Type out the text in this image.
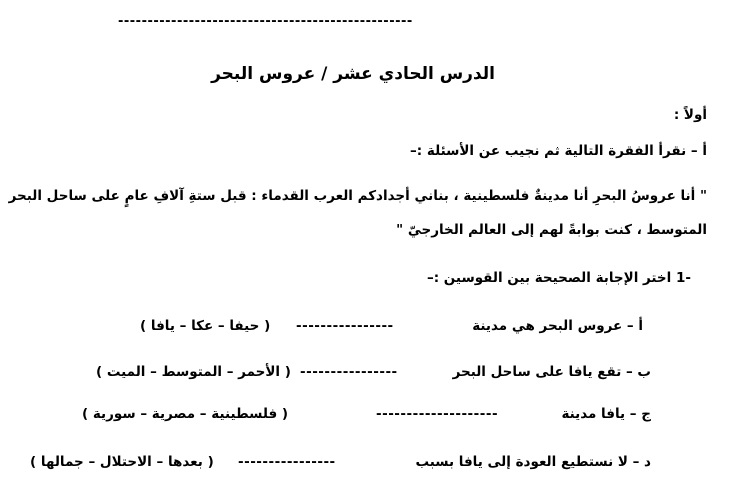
--------------------------------------------------
الدرس الحادي عشر / عروس البحر
أولاً :
أ – نقرأ الفقرة التالية ثم نجيب عن الأسئلة :–
" أنا عروسُ البحرِ أنا مدينةٌ فلسطينية ، بناني أجدادكم العرب القدماء : قبل ستةِ آلافِ عامٍ على ساحل البحر
المتوسط ، كنت بوابةً لهم إلى العالم الخارجيّ "
-1 اختر الإجابة الصحيحة بين القوسين :–
أ – عروس البحر هي مدينة
----------------
( حيفا – عكا – يافا )
ب – تقع يافا على ساحل البحر
----------------
( الأحمر – المتوسط – الميت )
ج – يافا مدينة
--------------------
( فلسطينية – مصرية – سورية )
د – لا نستطيع العودة إلى يافا بسبب
----------------
( بعدها – الاحتلال – جمالها )
